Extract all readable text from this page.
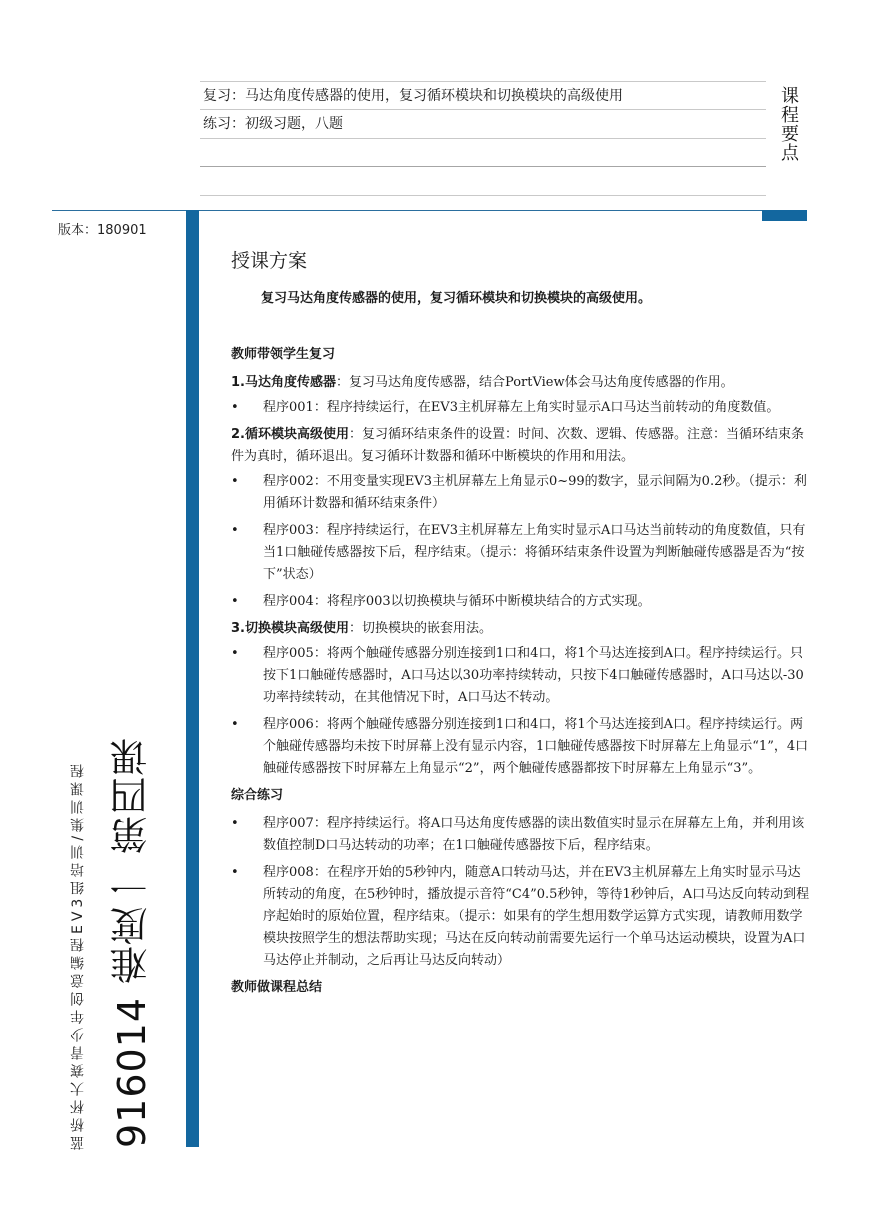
复习：马达角度传感器的使用，复习循环模块和切换模块的高级使用
练习：初级习题，八题	课程要点
版本：180901
蓝桥杯大赛青少年创意编程EV3组培训/集训课程 916014 难度一 第四课
授课方案
复习马达角度传感器的使用，复习循环模块和切换模块的高级使用。
教师带领学生复习
1.马达角度传感器：复习马达角度传感器，结合PortView体会马达角度传感器的作用。
• 程序001：程序持续运行，在EV3主机屏幕左上角实时显示A口马达当前转动的角度数值。
2.循环模块高级使用：复习循环结束条件的设置：时间、次数、逻辑、传感器。注意：当循环结束条件为真时，循环退出。复习循环计数器和循环中断模块的作用和用法。
• 程序002：不用变量实现EV3主机屏幕左上角显示0~99的数字，显示间隔为0.2秒。（提示：利用循环计数器和循环结束条件）
• 程序003：程序持续运行，在EV3主机屏幕左上角实时显示A口马达当前转动的角度数值，只有当1口触碰传感器按下后，程序结束。（提示：将循环结束条件设置为判断触碰传感器是否为“按下”状态）
• 程序004：将程序003以切换模块与循环中断模块结合的方式实现。
3.切换模块高级使用：切换模块的嵌套用法。
• 程序005：将两个触碰传感器分别连接到1口和4口，将1个马达连接到A口。程序持续运行。只按下1口触碰传感器时，A口马达以30功率持续转动，只按下4口触碰传感器时，A口马达以-30功率持续转动，在其他情况下时，A口马达不转动。
• 程序006：将两个触碰传感器分别连接到1口和4口，将1个马达连接到A口。程序持续运行。两个触碰传感器均未按下时屏幕上没有显示内容，1口触碰传感器按下时屏幕左上角显示“1”，4口触碰传感器按下时屏幕左上角显示“2”，两个触碰传感器都按下时屏幕左上角显示“3”。
综合练习
• 程序007：程序持续运行。将A口马达角度传感器的读出数值实时显示在屏幕左上角，并利用该数值控制D口马达转动的功率；在1口触碰传感器按下后，程序结束。
• 程序008：在程序开始的5秒钟内，随意A口转动马达，并在EV3主机屏幕左上角实时显示马达所转动的角度，在5秒钟时，播放提示音符“C4”0.5秒钟，等待1秒钟后，A口马达反向转动到程序起始时的原始位置，程序结束。（提示：如果有的学生想用数学运算方式实现，请教师用数学模块按照学生的想法帮助实现；马达在反向转动前需要先运行一个单马达运动模块，设置为A口马达停止并制动，之后再让马达反向转动）
教师做课程总结
